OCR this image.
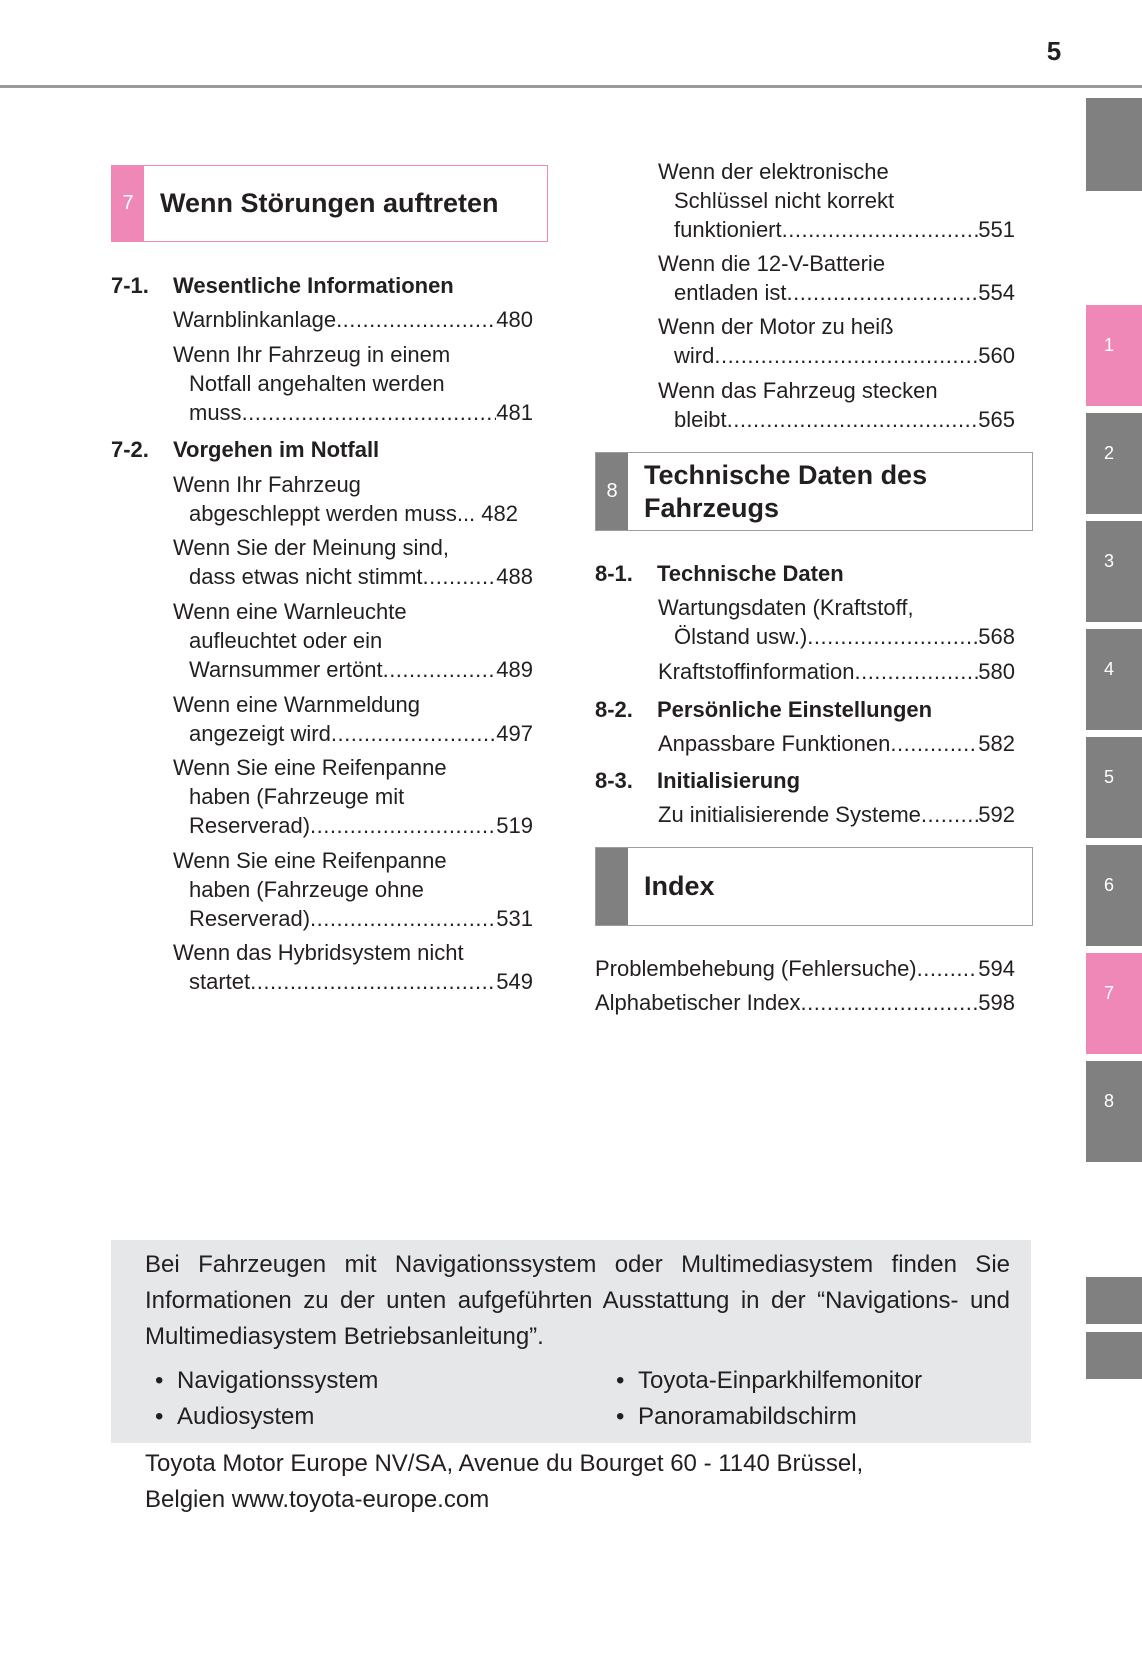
5
7 Wenn Störungen auftreten
7-1. Wesentliche Informationen
Warnblinkanlage .....	480
Wenn Ihr Fahrzeug in einem
Notfall angehalten werden
muss .....	481
7-2. Vorgehen im Notfall
Wenn Ihr Fahrzeug
abgeschleppt werden muss ... 482
Wenn Sie der Meinung sind,
dass etwas nicht stimmt .....	488
Wenn eine Warnleuchte
aufleuchtet oder ein
Warnsummer ertönt .....	489
Wenn eine Warnmeldung
angezeigt wird .....	497
Wenn Sie eine Reifenpanne
haben (Fahrzeuge mit
Reserverad) .....	519
Wenn Sie eine Reifenpanne
haben (Fahrzeuge ohne
Reserverad) .....	531
Wenn das Hybridsystem nicht
startet .....	549
Wenn der elektronische
Schlüssel nicht korrekt
funktioniert .....	551
Wenn die 12-V-Batterie
entladen ist .....	554
Wenn der Motor zu heiß
wird .....	560
Wenn das Fahrzeug stecken
bleibt .....	565
8
Technische Daten des
Fahrzeugs
8-1. Technische Daten
Wartungsdaten (Kraftstoff,
Ölstand usw.) .....	568
Kraftstoffinformation .....	580
8-2. Persönliche Einstellungen
Anpassbare Funktionen .....	582
8-3. Initialisierung
Zu initialisierende Systeme .....	592
Index
Problembehebung (Fehlersuche) .....	594
Alphabetischer Index .....	598
1
2
3
4
5
6
7
8
Bei Fahrzeugen mit Navigationssystem oder Multimediasystem finden Sie Informationen zu der unten aufgeführten Ausstattung in der “Navigations- und Multimediasystem Betriebsanleitung”.
• Navigationssystem	• Toyota-Einparkhilfemonitor
• Audiosystem	• Panoramabildschirm
Toyota Motor Europe NV/SA, Avenue du Bourget 60 - 1140 Brüssel,
Belgien www.toyota-europe.com
